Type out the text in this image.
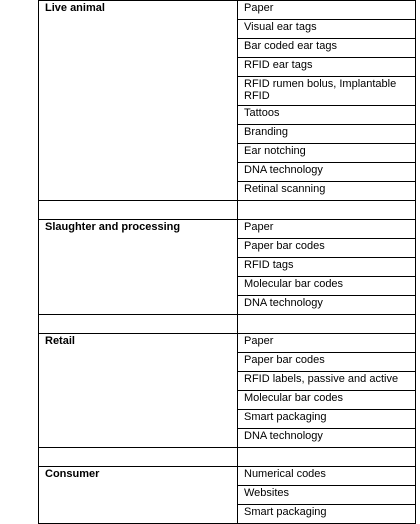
Live animal	Paper
	Visual ear tags
	Bar coded ear tags
	RFID ear tags
	RFID rumen bolus, Implantable RFID
	Tattoos
	Branding
	Ear notching
	DNA technology
	Retinal scanning

Slaughter and processing	Paper
	Paper bar codes
	RFID tags
	Molecular bar codes
	DNA technology

Retail	Paper
	Paper bar codes
	RFID labels, passive and active
	Molecular bar codes
	Smart packaging
	DNA technology

Consumer	Numerical codes
	Websites
	Smart packaging
